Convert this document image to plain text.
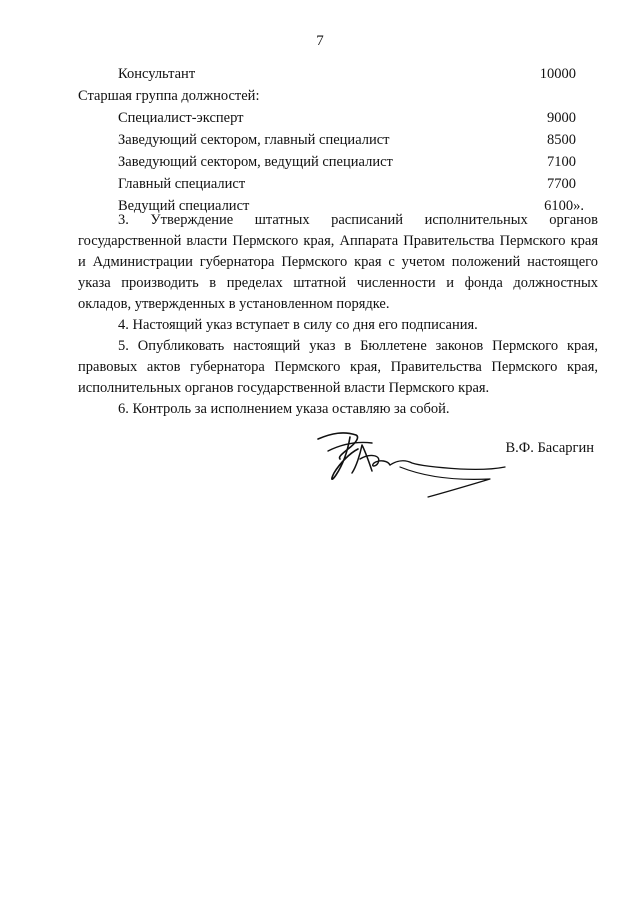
7
Консультант	10000
Старшая группа должностей:
Специалист-эксперт	9000
Заведующий сектором, главный специалист	8500
Заведующий сектором, ведущий специалист	7100
Главный специалист	7700
Ведущий специалист	6100».

3. Утверждение штатных расписаний исполнительных органов государственной власти Пермского края, Аппарата Правительства Пермского края и Администрации губернатора Пермского края с учетом положений настоящего указа производить в пределах штатной численности и фонда должностных окладов, утвержденных в установленном порядке.

4. Настоящий указ вступает в силу со дня его подписания.

5. Опубликовать настоящий указ в Бюллетене законов Пермского края, правовых актов губернатора Пермского края, Правительства Пермского края, исполнительных органов государственной власти Пермского края.

6. Контроль за исполнением указа оставляю за собой.

В.Ф. Басаргин
